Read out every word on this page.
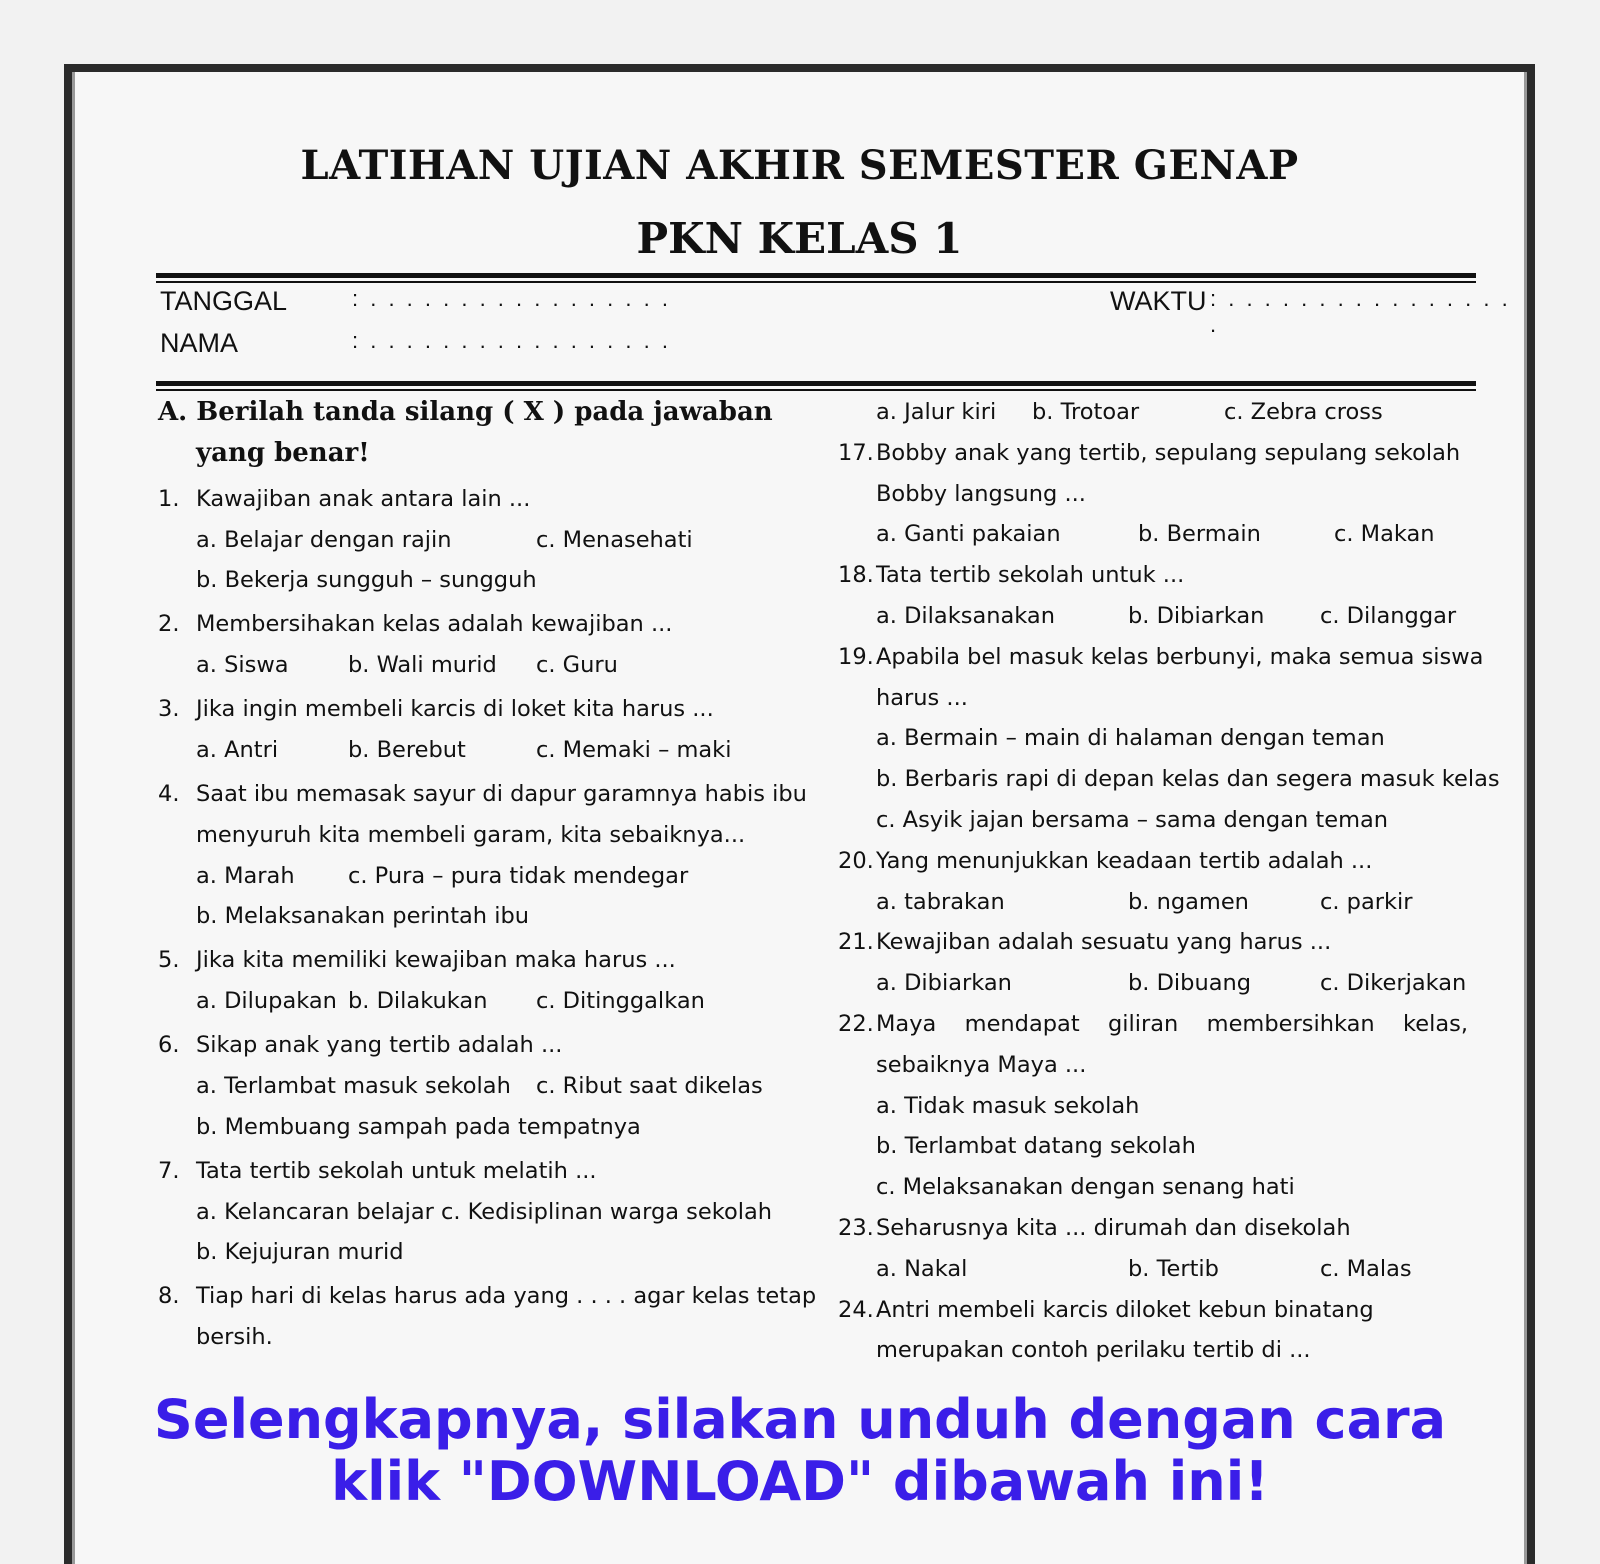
LATIHAN UJIAN AKHIR SEMESTER GENAP
PKN KELAS 1
TANGGAL	: . . . . . . . . . . . . . . . . .	WAKTU : . . . . . . . . . . . . . . . . .
NAMA	: . . . . . . . . . . . . . . . . .
A. Berilah tanda silang ( X ) pada jawaban
yang benar!
1. Kawajiban anak antara lain ...
a. Belajar dengan rajin	c. Menasehati
b. Bekerja sungguh – sungguh
2. Membersihakan kelas adalah kewajiban ...
a. Siswa	b. Wali murid c. Guru
3. Jika ingin membeli karcis di loket kita harus ...
a. Antri	b. Berebut	c. Memaki – maki
4. Saat ibu memasak sayur di dapur garamnya habis ibu
menyuruh kita membeli garam, kita sebaiknya...
a. Marah c. Pura – pura tidak mendegar
b. Melaksanakan perintah ibu
5. Jika kita memiliki kewajiban maka harus ...
a. Dilupakan b. Dilakukan c. Ditinggalkan
6. Sikap anak yang tertib adalah ...
a. Terlambat masuk sekolah c. Ribut saat dikelas
b. Membuang sampah pada tempatnya
7. Tata tertib sekolah untuk melatih ...
a. Kelancaran belajar c. Kedisiplinan warga sekolah
b. Kejujuran murid
8. Tiap hari di kelas harus ada yang . . . . agar kelas tetap
bersih.
a. Jalur kiri b. Trotoar	c. Zebra cross
17. Bobby anak yang tertib, sepulang sepulang sekolah
Bobby langsung ...
a. Ganti pakaian	b. Bermain	c. Makan
18. Tata tertib sekolah untuk ...
a. Dilaksanakan	b. Dibiarkan c. Dilanggar
19. Apabila bel masuk kelas berbunyi, maka semua siswa
harus ...
a. Bermain – main di halaman dengan teman
b. Berbaris rapi di depan kelas dan segera masuk kelas
c. Asyik jajan bersama – sama dengan teman
20. Yang menunjukkan keadaan tertib adalah ...
a. tabrakan	b. ngamen	c. parkir
21. Kewajiban adalah sesuatu yang harus ...
a. Dibiarkan	b. Dibuang	c. Dikerjakan
22. Maya mendapat giliran membersihkan kelas,
sebaiknya Maya ...
a. Tidak masuk sekolah
b. Terlambat datang sekolah
c. Melaksanakan dengan senang hati
23. Seharusnya kita ... dirumah dan disekolah
a. Nakal	b. Tertib	c. Malas
24. Antri membeli karcis diloket kebun binatang
merupakan contoh perilaku tertib di ...
Selengkapnya, silakan unduh dengan cara
klik "DOWNLOAD" dibawah ini!
